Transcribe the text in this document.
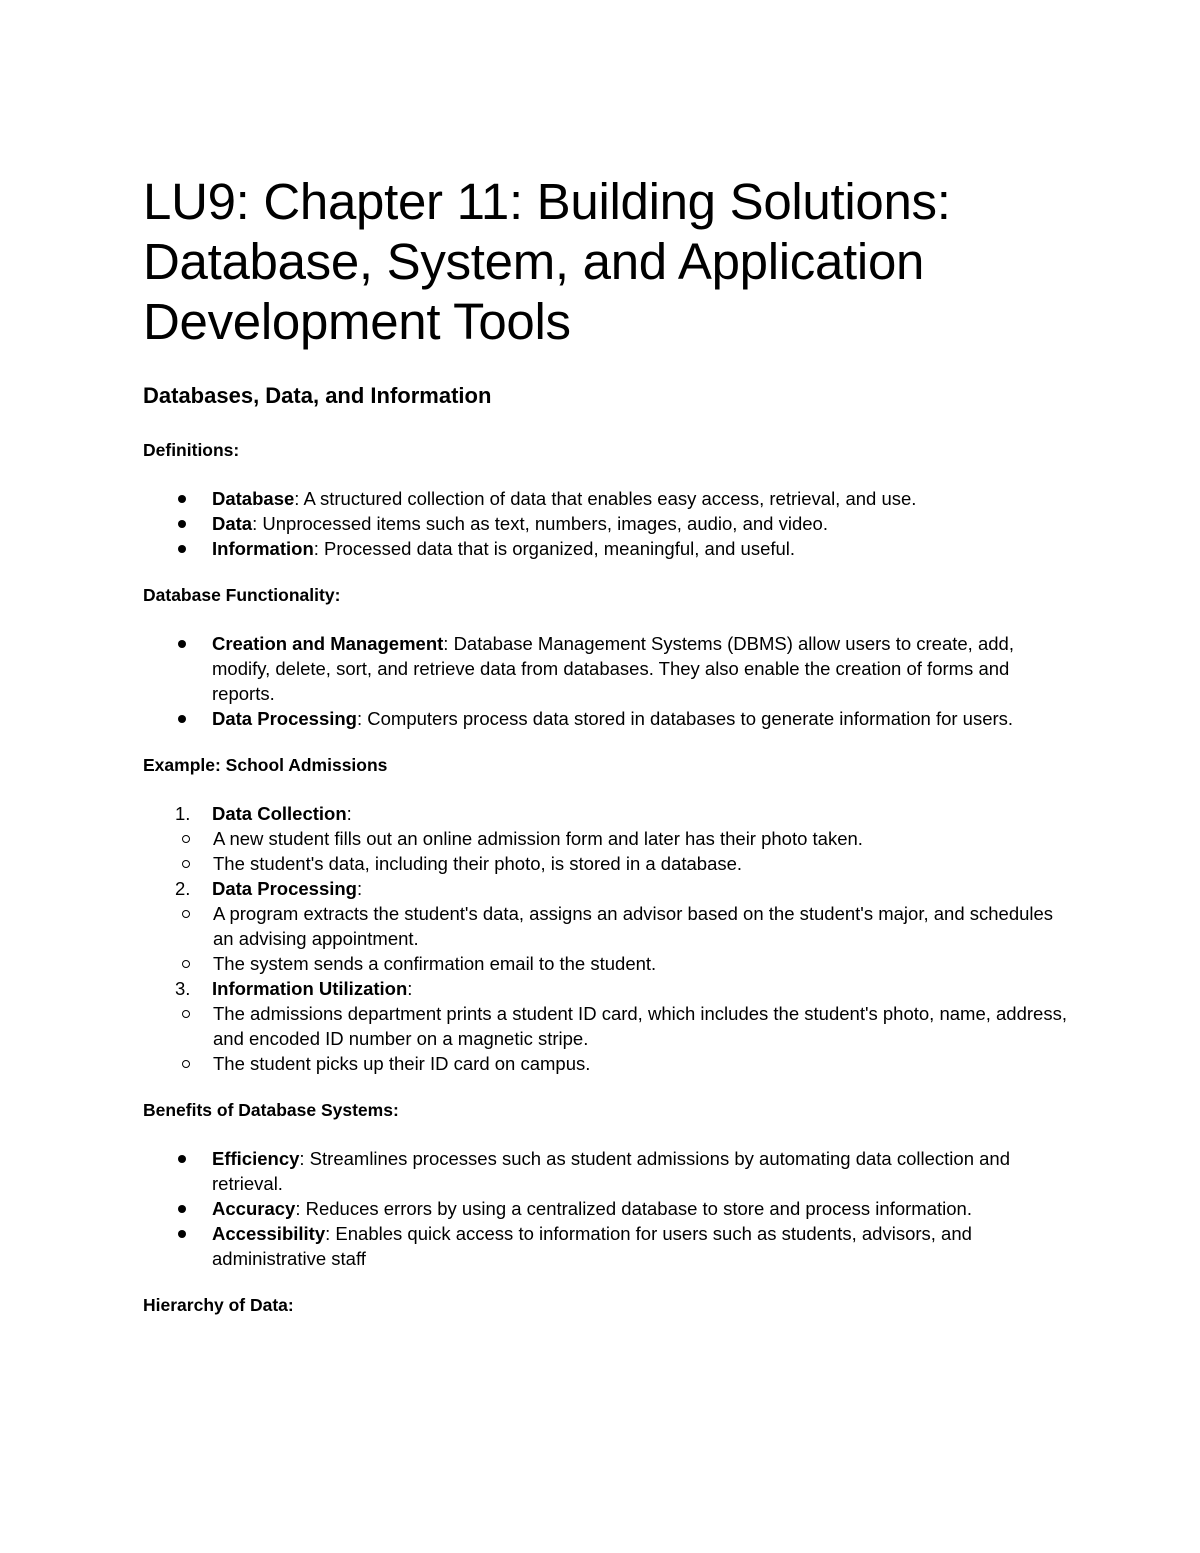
LU9: Chapter 11: Building Solutions: Database, System, and Application Development Tools
Databases, Data, and Information
Definitions:
Database: A structured collection of data that enables easy access, retrieval, and use.
Data: Unprocessed items such as text, numbers, images, audio, and video.
Information: Processed data that is organized, meaningful, and useful.
Database Functionality:
Creation and Management: Database Management Systems (DBMS) allow users to create, add, modify, delete, sort, and retrieve data from databases. They also enable the creation of forms and reports.
Data Processing: Computers process data stored in databases to generate information for users.
Example: School Admissions
1. Data Collection:
A new student fills out an online admission form and later has their photo taken.
The student's data, including their photo, is stored in a database.
2. Data Processing:
A program extracts the student's data, assigns an advisor based on the student's major, and schedules an advising appointment.
The system sends a confirmation email to the student.
3. Information Utilization:
The admissions department prints a student ID card, which includes the student's photo, name, address, and encoded ID number on a magnetic stripe.
The student picks up their ID card on campus.
Benefits of Database Systems:
Efficiency: Streamlines processes such as student admissions by automating data collection and retrieval.
Accuracy: Reduces errors by using a centralized database to store and process information.
Accessibility: Enables quick access to information for users such as students, advisors, and administrative staff
Hierarchy of Data:
